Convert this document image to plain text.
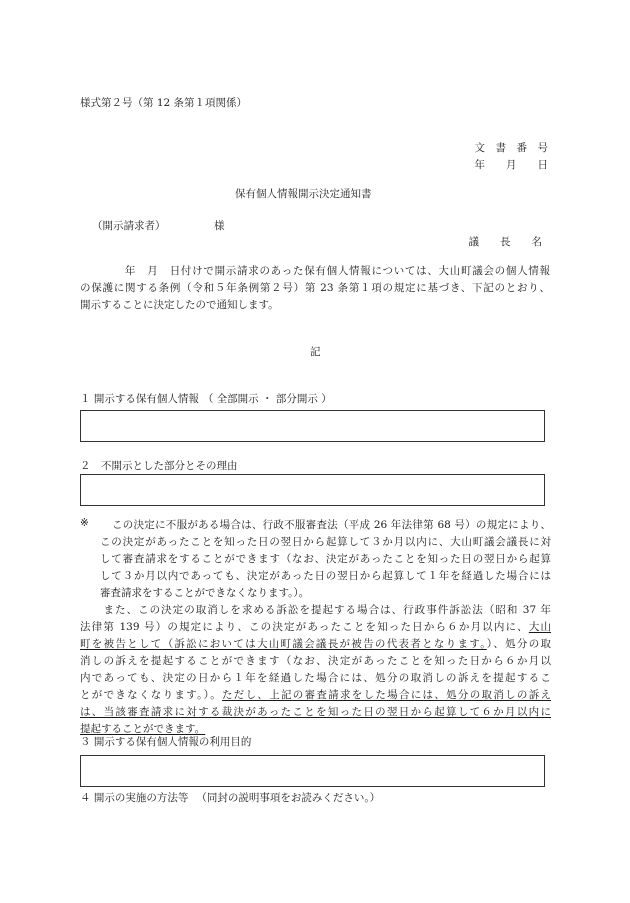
様式第２号（第 12 条第１項関係）
文　書　番　号
年　　月　　日
保有個人情報開示決定通知書
（開示請求者）	様
議　　長　　名
　　　　年　月　日付けで開示請求のあった保有個人情報については、大山町議会の個人情報
の保護に関する条例（令和５年条例第２号）第 23 条第１項の規定に基づき、下記のとおり、
開示することに決定したので通知します。
記
１ 開示する保有個人情報 （ 全部開示 ・ 部分開示 ）
２　不開示とした部分とその理由
※	この決定に不服がある場合は、行政不服審査法（平成 26 年法律第 68 号）の規定により、
この決定があったことを知った日の翌日から起算して３か月以内に、大山町議会議長に対
して審査請求をすることができます（なお、決定があったことを知った日の翌日から起算
して３か月以内であっても、決定があった日の翌日から起算して１年を経過した場合には
審査請求をすることができなくなります。）。
　また、この決定の取消しを求める訴訟を提起する場合は、行政事件訴訟法（昭和 37 年
法律第 139 号）の規定により、この決定があったことを知った日から６か月以内に、大山
町を被告として（訴訟においては大山町議会議長が被告の代表者となります。）、処分の取
消しの訴えを提起することができます（なお、決定があったことを知った日から６か月以
内であっても、決定の日から１年を経過した場合には、処分の取消しの訴えを提起するこ
とができなくなります。）。ただし、上記の審査請求をした場合には、処分の取消しの訴え
は、当該審査請求に対する裁決があったことを知った日の翌日から起算して６か月以内に
提起することができます。
３ 開示する保有個人情報の利用目的
４ 開示の実施の方法等 （同封の説明事項をお読みください。）
